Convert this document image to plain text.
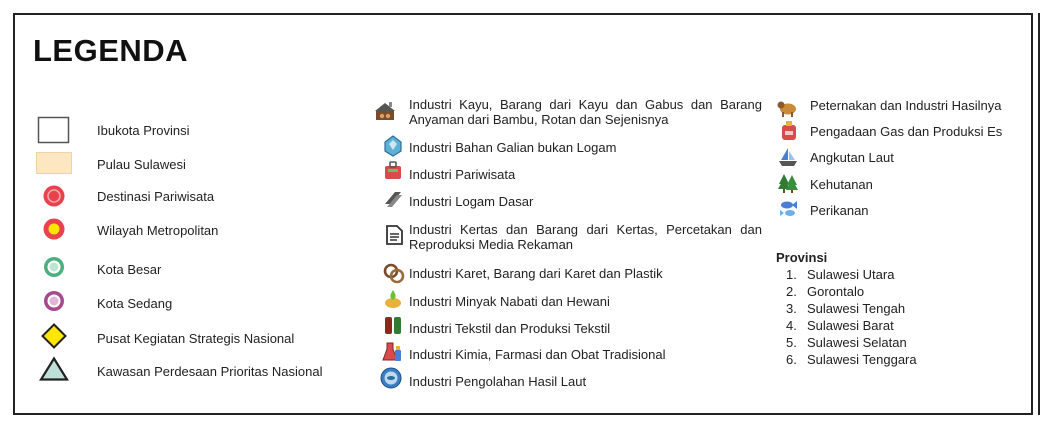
LEGENDA
Ibukota Provinsi
Pulau Sulawesi
Destinasi Pariwisata
Wilayah Metropolitan
Kota Besar
Kota Sedang
Pusat Kegiatan Strategis Nasional
Kawasan Perdesaan Prioritas Nasional
Industri Kayu, Barang dari Kayu dan Gabus dan Barang Anyaman dari Bambu, Rotan dan Sejenisnya
Industri Bahan Galian bukan Logam
Industri Pariwisata
Industri Logam Dasar
Industri Kertas dan Barang dari Kertas, Percetakan dan Reproduksi Media Rekaman
Industri Karet, Barang dari Karet dan Plastik
Industri Minyak Nabati dan Hewani
Industri Tekstil dan Produksi Tekstil
Industri Kimia, Farmasi dan Obat Tradisional
Industri Pengolahan Hasil Laut
Peternakan dan Industri Hasilnya
Pengadaan Gas dan Produksi Es
Angkutan Laut
Kehutanan
Perikanan
Provinsi
1. Sulawesi Utara
2. Gorontalo
3. Sulawesi Tengah
4. Sulawesi Barat
5. Sulawesi Selatan
6. Sulawesi Tenggara
